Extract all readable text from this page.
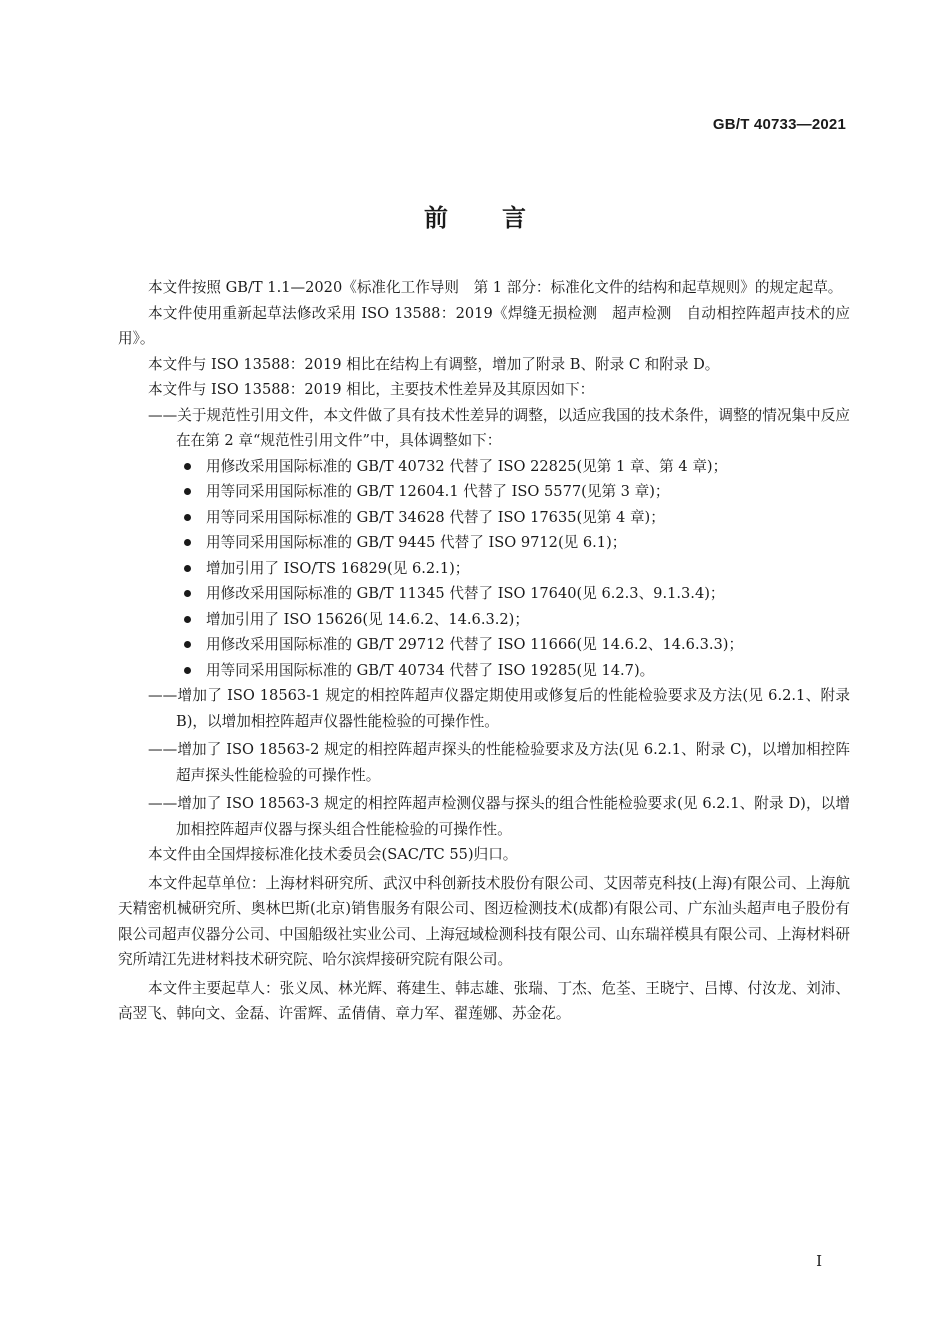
GB/T 40733—2021
前言

本文件按照 GB/T 1.1—2020《标准化工作导则　第 1 部分：标准化文件的结构和起草规则》的规定起草。

本文件使用重新起草法修改采用 ISO 13588：2019《焊缝无损检测　超声检测　自动相控阵超声技术的应用》。

本文件与 ISO 13588：2019 相比在结构上有调整，增加了附录 B、附录 C 和附录 D。

本文件与 ISO 13588：2019 相比，主要技术性差异及其原因如下：

——关于规范性引用文件，本文件做了具有技术性差异的调整，以适应我国的技术条件，调整的情况集中反应在在第 2 章“规范性引用文件”中，具体调整如下：

用修改采用国际标准的 GB/T 40732 代替了 ISO 22825(见第 1 章、第 4 章)；
用等同采用国际标准的 GB/T 12604.1 代替了 ISO 5577(见第 3 章)；
用等同采用国际标准的 GB/T 34628 代替了 ISO 17635(见第 4 章)；
用等同采用国际标准的 GB/T 9445 代替了 ISO 9712(见 6.1)；
增加引用了 ISO/TS 16829(见 6.2.1)；
用修改采用国际标准的 GB/T 11345 代替了 ISO 17640(见 6.2.3、9.1.3.4)；
增加引用了 ISO 15626(见 14.6.2、14.6.3.2)；
用修改采用国际标准的 GB/T 29712 代替了 ISO 11666(见 14.6.2、14.6.3.3)；
用等同采用国际标准的 GB/T 40734 代替了 ISO 19285(见 14.7)。

——增加了 ISO 18563-1 规定的相控阵超声仪器定期使用或修复后的性能检验要求及方法(见 6.2.1、附录 B)，以增加相控阵超声仪器性能检验的可操作性。

——增加了 ISO 18563-2 规定的相控阵超声探头的性能检验要求及方法(见 6.2.1、附录 C)，以增加相控阵超声探头性能检验的可操作性。

——增加了 ISO 18563-3 规定的相控阵超声检测仪器与探头的组合性能检验要求(见 6.2.1、附录 D)，以增加相控阵超声仪器与探头组合性能检验的可操作性。

本文件由全国焊接标准化技术委员会(SAC/TC 55)归口。

本文件起草单位：上海材料研究所、武汉中科创新技术股份有限公司、艾因蒂克科技(上海)有限公司、上海航天精密机械研究所、奥林巴斯(北京)销售服务有限公司、图迈检测技术(成都)有限公司、广东汕头超声电子股份有限公司超声仪器分公司、中国船级社实业公司、上海冠域检测科技有限公司、山东瑞祥模具有限公司、上海材料研究所靖江先进材料技术研究院、哈尔滨焊接研究院有限公司。

本文件主要起草人：张义凤、林光辉、蒋建生、韩志雄、张瑞、丁杰、危荃、王晓宁、吕博、付汝龙、刘沛、高翌飞、韩向文、金磊、许雷辉、孟倩倩、章力军、翟莲娜、苏金花。

Ⅰ
